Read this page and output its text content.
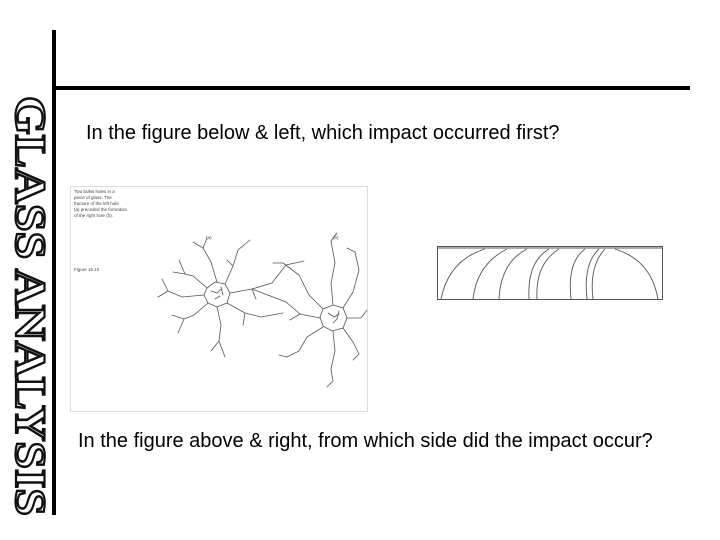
GLASS ANALYSIS In the figure below & left, which impact occurred first?
Two bullet holes in a piece of glass. The fracture of the left hole (a) preceded the formation of the right hole (b).
(a)	(b)
Figure 15.10
In the figure above & right, from which side did the impact occur?
